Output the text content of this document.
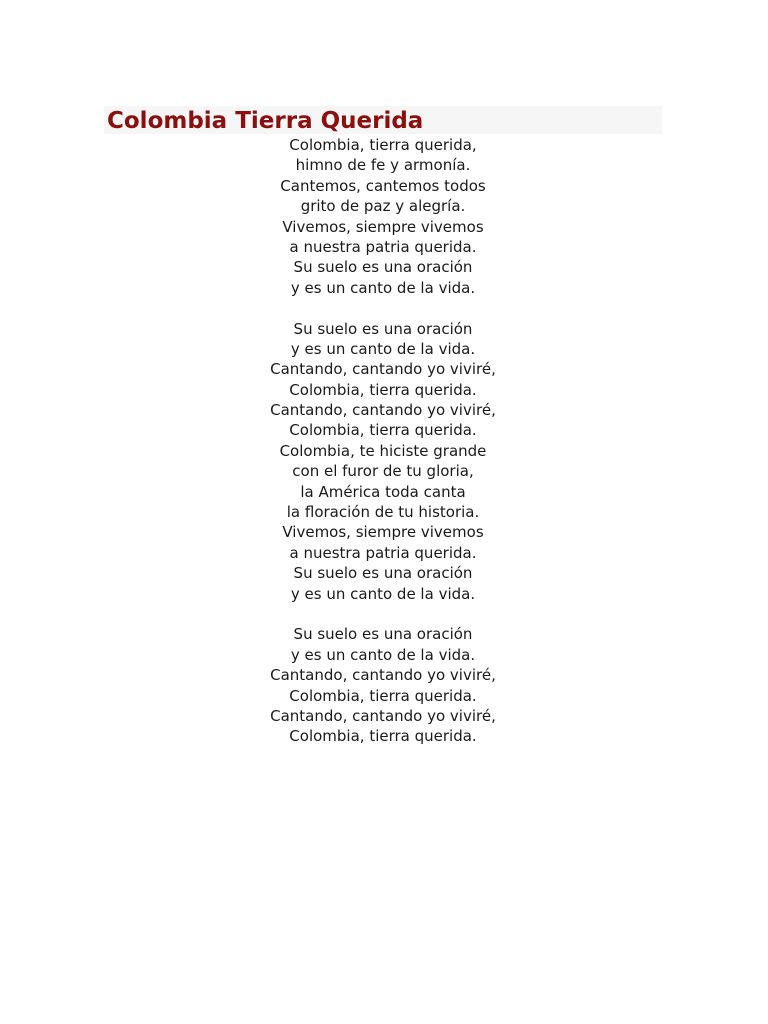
Colombia Tierra Querida
Colombia, tierra querida,
himno de fe y armonía.
Cantemos, cantemos todos
grito de paz y alegría.
Vivemos, siempre vivemos
a nuestra patria querida.
Su suelo es una oración
y es un canto de la vida.
Su suelo es una oración
y es un canto de la vida.
Cantando, cantando yo viviré,
Colombia, tierra querida.
Cantando, cantando yo viviré,
Colombia, tierra querida.
Colombia, te hiciste grande
con el furor de tu gloria,
la América toda canta
la floración de tu historia.
Vivemos, siempre vivemos
a nuestra patria querida.
Su suelo es una oración
y es un canto de la vida.
Su suelo es una oración
y es un canto de la vida.
Cantando, cantando yo viviré,
Colombia, tierra querida.
Cantando, cantando yo viviré,
Colombia, tierra querida.
